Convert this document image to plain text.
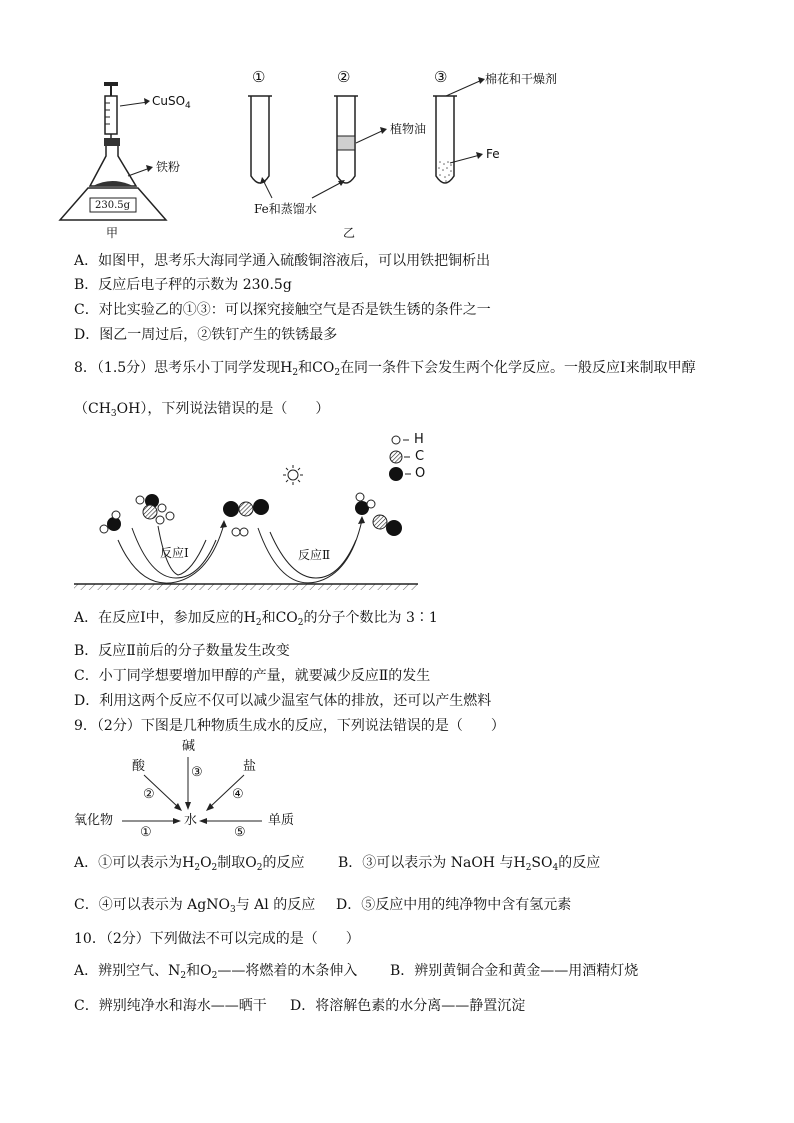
CuSO$_4$
铁粉
230.5g
甲
①	②	③	棉花和干燥剂
植物油
Fe
Fe和蒸馏水
乙
A．如图甲，思考乐大海同学通入硫酸铜溶液后，可以用铁把铜析出
B．反应后电子秤的示数为 230.5g
C．对比实验乙的①③：可以探究接触空气是否是铁生锈的条件之一
D．图乙一周过后，②铁钉产生的铁锈最多
8．（1.5分）思考乐小丁同学发现$H_2$和$CO_2$在同一条件下会发生两个化学反应。一般反应Ⅰ来制取甲醇
$(CH_3OH)$，下列说法错误的是（　　）
H
C
O
反应Ⅰ	反应Ⅱ
A．在反应Ⅰ中，参加反应的$H_2$和$CO_2$的分子个数比为 3∶1
B．反应Ⅱ前后的分子数量发生改变
C．小丁同学想要增加甲醇的产量，就要减少反应Ⅱ的发生
D．利用这两个反应不仅可以减少温室气体的排放，还可以产生燃料
9．（2分）下图是几种物质生成水的反应，下列说法错误的是（　　）
碱
酸	盐
氧化物	水	单质
①
②
③
④
⑤
A．①可以表示为$H_2O_2$制取$O_2$的反应 B．③可以表示为 NaOH 与$H_2SO_4$的反应
C．④可以表示为 AgNO$_3$与 Al 的反应 D．⑤反应中用的纯净物中含有氢元素
10．（2分）下列做法不可以完成的是（　　）
A．辨别空气、$N_2$和$O_2——$将燃着的木条伸入 B．辨别黄铜合金和黄金——用酒精灯烧
C．辨别纯净水和海水——晒干 D．将溶解色素的水分离——静置沉淀
